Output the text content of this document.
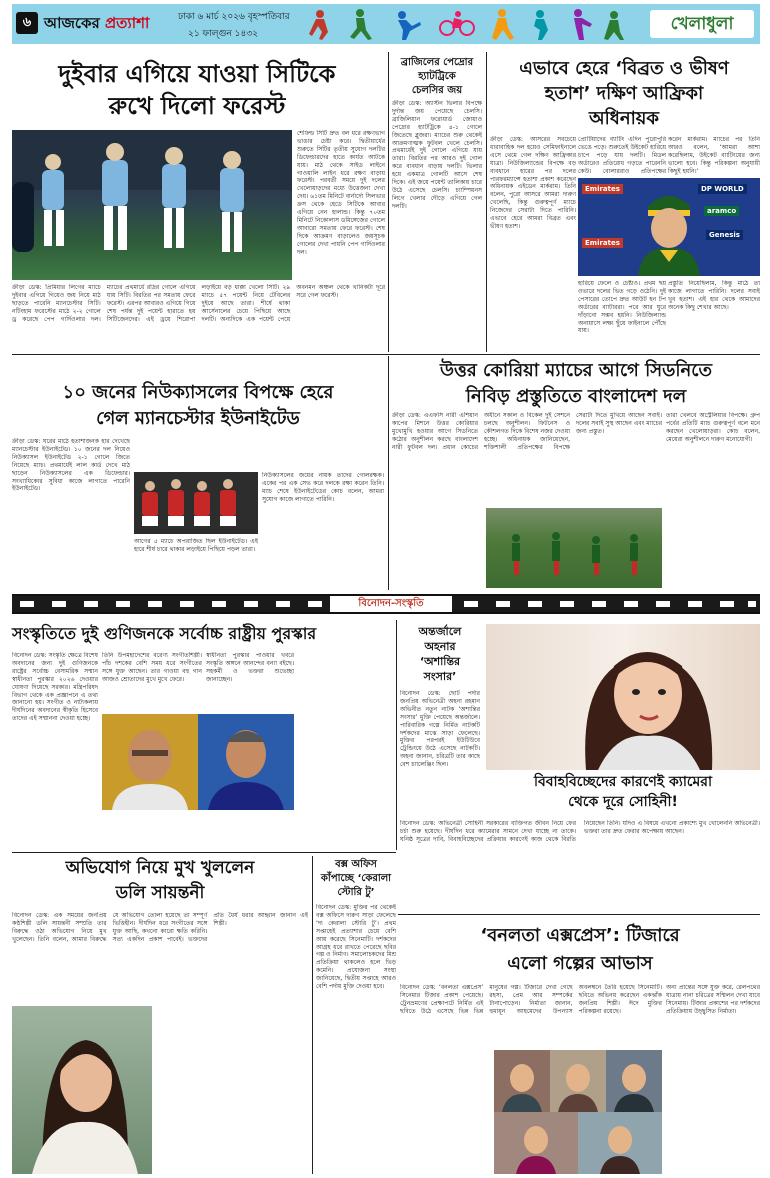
৬ আজকের প্রত্যাশা	ঢাকা ৬ মার্চ ২০২৬ বৃহস্পতিবার
২১ ফাল্গুন ১৪৩২	খেলাধুলা
দুইবার এগিয়ে যাওয়া সিটিকে
রুখে দিলো ফরেস্ট
শেফিল্ড সিটি দ্রুত বল ধরে রক্ষণভাগ ভাঙার চেষ্টা করে। দ্বিতীয়ার্ধের শুরুতে সিটির তৃতীয় সুযোগ দলটির ডিফেন্ডারদের হাতে কার্যত আটকে যায়। মাঠ থেকে সাইড লাইনে গাওয়ালি লাইন ধরে রক্ষণ বাড়ায় ফরেস্ট। পরবর্তী সময়ে দুই দলের খেলোয়াড়দের মধ্যে উত্তেজনা দেখা দেয়। ৬১তম মিনিটে বার্নার্দো সিলভার ক্রস থেকে হেডে সিটিকে আবার এগিয়ে নেন হালান্ড। কিন্তু ৭০তম মিনিটে নিকোলাস ডমিঙ্গেজের গোলে আবারো সমতায় ফেরে ফরেস্ট। শেষ দিকে আক্রমণ বাড়ালেও জয়সূচক গোলের দেখা পায়নি পেপ গার্দিওলার দল।
ক্রীড়া ডেস্ক: প্রিমিয়ার লিগের ম্যাচে দুইবার এগিয়ে গিয়েও জয় নিয়ে মাঠ ছাড়তে পারেনি ম্যানচেস্টার সিটি। নটিংহাম ফরেস্টের মাঠে ২-২ গোলে ড্র করেছে পেপ গার্দিওলার দল। ম্যাচের প্রথমার্ধে রদ্রির গোলে এগিয়ে যায় সিটি। বিরতির পর সমতায় ফেরে ফরেস্ট। এরপর আবারও এগিয়ে গিয়ে শেষ পর্যন্ত দুই পয়েন্ট হারাতে হয় সিটিজেনদের। এই ড্রয়ে শিরোপা লড়াইয়ে বড় ধাক্কা খেলো সিটি। ২৯ ম্যাচে ৫৭ পয়েন্ট নিয়ে টেবিলের দুইয়ে আছে তারা। শীর্ষে থাকা আর্সেনালের চেয়ে পিছিয়ে আছে দলটি। অন্যদিকে এক পয়েন্ট পেয়ে অবনমন অঞ্চল থেকে খানিকটা দূরে সরে গেল ফরেস্ট।
ব্রাজিলের পেদ্রোর
হ্যাটট্রিকে
চেলসির জয়
ক্রীড়া ডেস্ক: অ্যাস্টন ভিলার বিপক্ষে দুর্দান্ত জয় পেয়েছে চেলসি। ব্রাজিলিয়ান ফরোয়ার্ড জোয়াও পেদ্রোর হ্যাটট্রিকে ৪-১ গোলে জিতেছে ব্লুজরা। ম্যাচের শুরু থেকেই আক্রমণাত্মক ফুটবল খেলে চেলসি। প্রথমার্ধেই দুই গোলে এগিয়ে যায় তারা। বিরতির পর আরও দুই গোল করে ব্যবধান বাড়ায় দলটি। ভিলার হয়ে একমাত্র গোলটি আসে শেষ দিকে। এই জয়ে পয়েন্ট তালিকায় চারে উঠে এসেছে চেলসি। চ্যাম্পিয়নস লিগে খেলার দৌড়ে এগিয়ে গেল দলটি।
এভাবে হেরে ‘বিব্রত ও ভীষণ
হতাশ’ দক্ষিণ আফ্রিকা
অধিনায়ক
ক্রীড়া ডেস্ক: আসরের সবচেয়ে ধারাবাহিক দল হয়েও সেমিফাইনালে এসে থেমে গেল দক্ষিণ আফ্রিকার যাত্রা। নিউজিল্যান্ডের বিপক্ষে বড় ব্যবধানে হারের পর দলের পারফরম্যান্সে হতাশা প্রকাশ করেছেন অধিনায়ক এইডেন মার্করাম। তিনি বলেন, পুরো আসরে আমরা দারুণ খেলেছি, কিন্তু গুরুত্বপূর্ণ ম্যাচে নিজেদের সেরাটা দিতে পারিনি। এভাবে হেরে আমরা বিব্রত এবং ভীষণ হতাশ।
প্রোটিয়াদের ব্যাটিং এদিন পুরোপুরি ভেঙে পড়ে। শুরুতেই উইকেট হারিয়ে চাপে পড়ে যায় দলটি। মিডল অর্ডারেও প্রতিরোধ গড়তে পারেননি কেউ। বোলাররাও প্রতিপক্ষের
করেন মার্করাম। ম্যাচের পর তিনি আরও বলেন, ‘আমরা আশা করেছিলাম, উইকেট ব্যাটিংয়ের জন্য ভালো হবে। কিন্তু পরিকল্পনা অনুযায়ী কিছুই হয়নি।’
Emirates	DP WORLD
aramco
Emirates
Genesis
হারিয়ে ফেলে ও চেষ্টাও। প্রথম ছয় ওভারে দলের ভিত গড়ে ওঠেনি। দুই পেসারের তোপে দ্রুত আউট হন টপ অর্ডারের ব্যাটাররা। পরে আর ঘুরে দাঁড়ানো সম্ভব হয়নি। নিউজিল্যান্ড অনায়াসে লক্ষ্য ছুঁয়ে ফাইনালে পৌঁছে যায়।
প্রস্তুতি নিয়েছিলাম, কিন্তু মাঠে তা কাজে লাগাতে পারিনি। দলের সবাই খুব হতাশ। এই হার থেকে আমাদের অনেক কিছু শেখার আছে।
উত্তর কোরিয়া ম্যাচের আগে সিডনিতে
নিবিড় প্রস্তুতিতে বাংলাদেশ দল
ক্রীড়া ডেস্ক: এএফসি নারী এশিয়ান কাপের মিশনে উত্তর কোরিয়ার মুখোমুখি হওয়ার আগে সিডনিতে কঠোর অনুশীলন করছে বাংলাদেশ নারী ফুটবল দল। প্রধান কোচের অধীনে সকাল ও বিকেল দুই সেশনে চলছে অনুশীলন। ফিটনেস ও কৌশলগত দিকে বিশেষ নজর দেওয়া হচ্ছে। অধিনায়ক জানিয়েছেন, শক্তিশালী প্রতিপক্ষের বিপক্ষে সেরাটা দিতে মুখিয়ে আছেন সবাই। দলের সবাই সুস্থ আছেন এবং ম্যাচের জন্য প্রস্তুত।
তারা খেলবে অস্ট্রেলিয়ার বিপক্ষে। গ্রুপ পর্বের প্রতিটি ম্যাচ গুরুত্বপূর্ণ বলে মনে করছেন খেলোয়াড়রা। কোচ বলেন, মেয়েরা অনুশীলনে দারুণ মনোযোগী।
১০ জনের নিউক্যাসলের বিপক্ষে হেরে
গেল ম্যানচেস্টার ইউনাইটেড
ক্রীড়া ডেস্ক: ঘরের মাঠে হতাশাজনক হার দেখেছে ম্যানচেস্টার ইউনাইটেড। ১০ জনের দল নিয়েও নিউক্যাসল ইউনাইটেড ২-১ গোলে জিতে নিয়েছে ম্যাচ। প্রথমার্ধেই লাল কার্ড দেখে মাঠ ছাড়েন নিউক্যাসলের এক ডিফেন্ডার। সংখ্যাধিক্যের সুবিধা কাজে লাগাতে পারেনি ইউনাইটেড।
আগের ৫ ম্যাচে অপরাজিত ছিল ইউনাইটেড। এই হারে শীর্ষ চারে থাকার লড়াইয়ে পিছিয়ে পড়ল তারা।
নিউক্যাসলের জয়ের নায়ক তাদের গোলরক্ষক। একের পর এক সেভ করে দলকে রক্ষা করেন তিনি। ম্যাচ শেষে ইউনাইটেডের কোচ বলেন, আমরা সুযোগ কাজে লাগাতে পারিনি।
বিনোদন-সংস্কৃতি
সংস্কৃতিতে দুই গুণিজনকে সর্বোচ্চ রাষ্ট্রীয় পুরস্কার
বিনোদন ডেস্ক: সংস্কৃতি ক্ষেত্রে বিশেষ অবদানের জন্য দুই গুণিজনকে রাষ্ট্রের সর্বোচ্চ বেসামরিক সম্মান স্বাধীনতা পুরস্কার ২০২৬ দেওয়ার ঘোষণা দিয়েছে সরকার। মন্ত্রিপরিষদ বিভাগ থেকে এক প্রজ্ঞাপনে এ তথ্য জানানো হয়। সংগীত ও নাট্যকলায় দীর্ঘদিনের অবদানের স্বীকৃতি হিসেবে তাদের এই সম্মাননা দেওয়া হচ্ছে।
তিনি উপমহাদেশের বরেণ্য সংগীতশিল্পী। পাঁচ দশকের বেশি সময় ধরে সংগীতের সঙ্গে যুক্ত আছেন। তার গাওয়া বহু গান আজও শ্রোতাদের মুখে মুখে ফেরে।
স্বাধীনতা পুরস্কার পাওয়ার খবরে সংস্কৃতি অঙ্গনে আনন্দের বন্যা বইছে। সহকর্মী ও ভক্তরা শুভেচ্ছা জানাচ্ছেন।
অন্তর্জালে
অহনার
‘অশান্তির
সংসার’
বিনোদন ডেস্ক: ছোট পর্দার জনপ্রিয় অভিনেত্রী অহনা রহমান অভিনীত নতুন নাটক ‘অশান্তির সংসার’ মুক্তি পেয়েছে অন্তর্জালে। পারিবারিক গল্পে নির্মিত নাটকটি দর্শকদের মাঝে সাড়া ফেলেছে। মুক্তির পরপরই ইউটিউবে ট্রেন্ডিংয়ে উঠে এসেছে নাটকটি। অহনা জানান, চরিত্রটি তার কাছে বেশ চ্যালেঞ্জিং ছিল।
বিবাহবিচ্ছেদের কারণেই ক্যামেরা
থেকে দূরে সোহিনী!
বিনোদন ডেস্ক: অভিনেত্রী সোহিনী সরকারের ব্যক্তিগত জীবন নিয়ে ফের চর্চা শুরু হয়েছে। দীর্ঘদিন ধরে ক্যামেরার সামনে দেখা যাচ্ছে না তাকে। ঘনিষ্ঠ সূত্রের দাবি, বিবাহবিচ্ছেদের প্রক্রিয়ার কারণেই কাজ থেকে বিরতি নিয়েছেন তিনি। যদিও এ বিষয়ে এখনো প্রকাশ্যে মুখ খোলেননি অভিনেত্রী। ভক্তরা তার দ্রুত ফেরার অপেক্ষায় আছেন।
অভিযোগ নিয়ে মুখ খুললেন
ডলি সায়ন্তনী
বিনোদন ডেস্ক: এক সময়ের জনপ্রিয় কণ্ঠশিল্পী ডলি সায়ন্তনী সম্প্রতি তার বিরুদ্ধে ওঠা অভিযোগ নিয়ে মুখ খুলেছেন। তিনি বলেন, আমার বিরুদ্ধে যে অভিযোগ তোলা হয়েছে তা সম্পূর্ণ ভিত্তিহীন। দীর্ঘদিন ধরে সংগীতের সঙ্গে যুক্ত আছি, কখনো কারো ক্ষতি করিনি। সত্য একদিন প্রকাশ পাবেই। ভক্তদের প্রতি ধৈর্য ধরার আহ্বান জানান এই শিল্পী।
বক্স অফিস
কাঁপাচ্ছে ‘কেরালা
স্টোরি টু’
বিনোদন ডেস্ক: মুক্তির পর থেকেই বক্স অফিসে দারুণ সাড়া ফেলেছে ‘দ্য কেরালা স্টোরি টু’। প্রথম সপ্তাহেই প্রত্যাশার চেয়ে বেশি আয় করেছে সিনেমাটি। দর্শকদের আগ্রহ ধরে রাখতে পেরেছে ছবির গল্প ও নির্মাণ। সমালোচকদের মিশ্র প্রতিক্রিয়া থাকলেও হলে ভিড় কমেনি। প্রযোজনা সংস্থা জানিয়েছে, দ্বিতীয় সপ্তাহে আরও বেশি পর্দায় মুক্তি দেওয়া হবে।
‘বনলতা এক্সপ্রেস’: টিজারে
এলো গল্পের আভাস
বিনোদন ডেস্ক: ‘বনলতা এক্সপ্রেস’ সিনেমার টিজার প্রকাশ পেয়েছে। ট্রেনভ্রমণের প্রেক্ষাপটে নির্মিত এই ছবিতে উঠে এসেছে ভিন্ন ভিন্ন মানুষের গল্প। টিজারে দেখা গেছে রহস্য, প্রেম আর সম্পর্কের টানাপোড়েন। নির্মাতা জানান, হুমায়ূন আহমেদের উপন্যাস অবলম্বনে তৈরি হয়েছে সিনেমাটি। ছবিতে অভিনয় করেছেন একঝাঁক জনপ্রিয় শিল্পী। ঈদে মুক্তির পরিকল্পনা রয়েছে।
অন্য প্রান্তের সঙ্গে যুক্ত করে, রেলপথের যাত্রায় নানা চরিত্রের সম্মিলন দেখা যাবে সিনেমায়। টিজার প্রকাশের পর দর্শকদের প্রতিক্রিয়ায় উচ্ছ্বসিত নির্মাতা।
